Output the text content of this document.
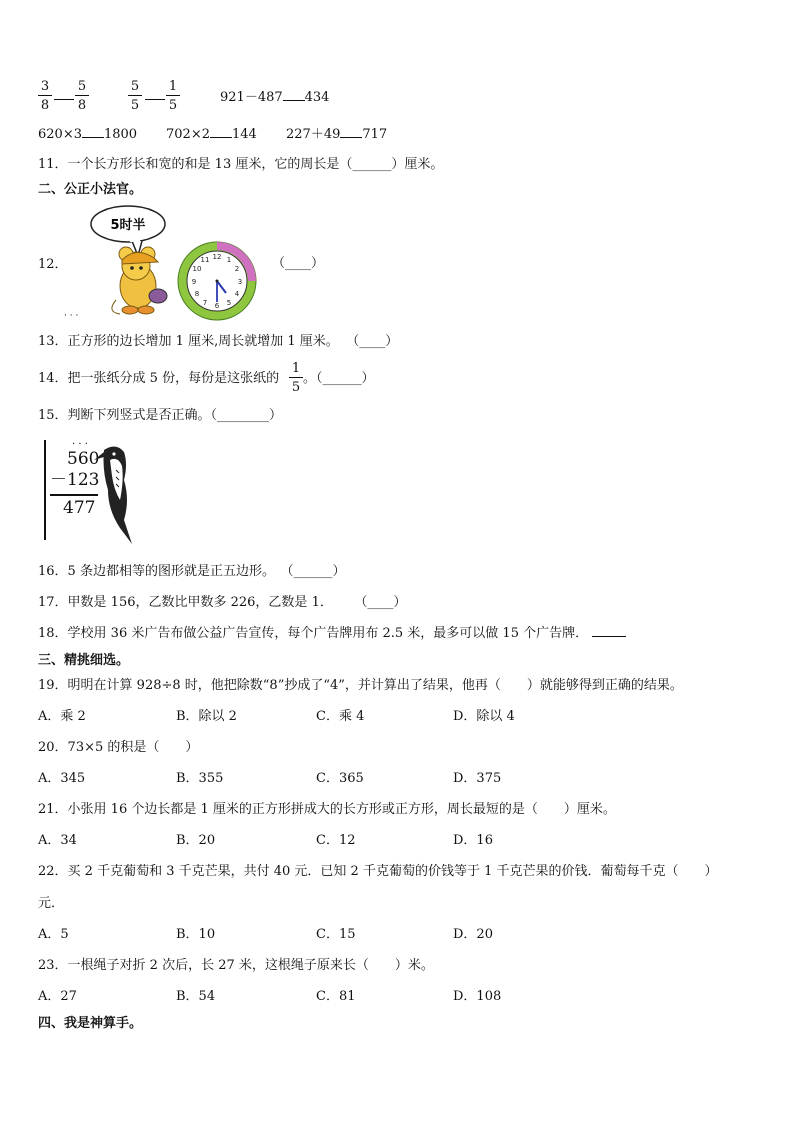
$\frac{3}{8} \frac{5}{8}$	$\frac{5}{5} \frac{1}{5}$	921－487 434
620×3 1800 702×2 144 227＋49 717
11．一个长方形长和宽的和是 13 厘米，它的周长是（______）厘米。
二、公正小法官。
12．
5时半
12 1
2
3
4
5
6
7
8
9
10
11
· · ·
（____）
13．正方形的边长增加 1 厘米,周长就增加 1 厘米。 （____）
14．把一张纸分成 5 份，每份是这张纸的 $\frac{1}{5}$ 。（______）
15．判断下列竖式是否正确。（________）
· · ·
560
－123
477
16．5 条边都相等的图形就是正五边形。 （______）
17．甲数是 156，乙数比甲数多 226，乙数是 1． （____）
18．学校用 36 米广告布做公益广告宣传，每个广告牌用布 2.5 米，最多可以做 15 个广告牌．
三、精挑细选。
19．明明在计算 928÷8 时，他把除数“8”抄成了“4”，并计算出了结果，他再（　　）就能够得到正确的结果。
A．乘 2	B．除以 2	C．乘 4	D．除以 4
20．73×5 的积是（　　）
A．345	B．355	C．365	D．375
21．小张用 16 个边长都是 1 厘米的正方形拼成大的长方形或正方形，周长最短的是（　　）厘米。
A．34	B．20	C．12	D．16
22．买 2 千克葡萄和 3 千克芒果，共付 40 元．已知 2 千克葡萄的价钱等于 1 千克芒果的价钱．葡萄每千克（　　）
元．
A．5	B．10	C．15	D．20
23．一根绳子对折 2 次后，长 27 米，这根绳子原来长（　　）米。
A．27	B．54	C．81	D．108
四、我是神算手。
